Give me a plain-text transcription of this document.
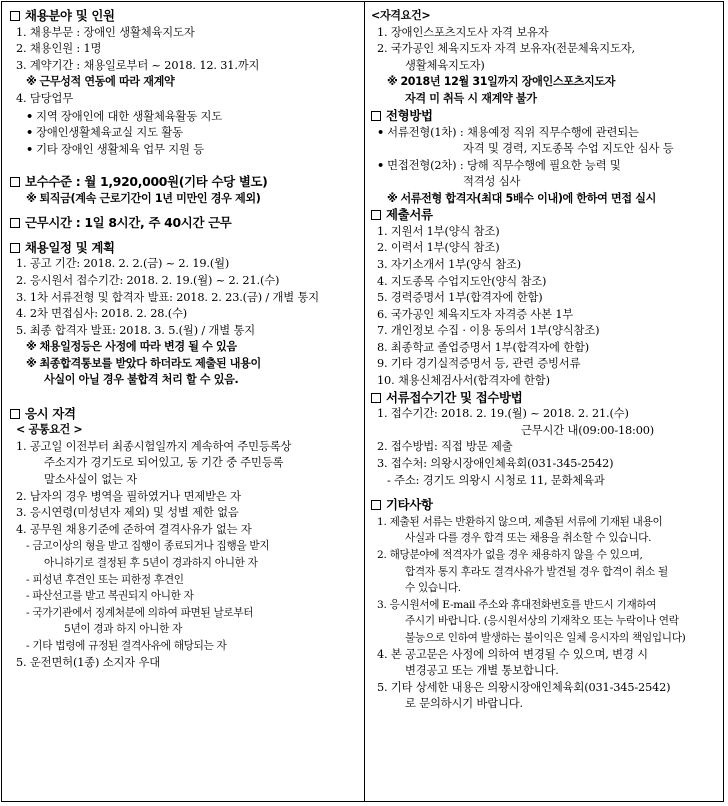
채용분야 및 인원
1. 채용부문 : 장애인 생활체육지도자
2. 채용인원 : 1명
3. 계약기간 : 채용일로부터 ~ 2018. 12. 31.까지
※ 근무성적 연동에 따라 재계약
4. 담당업무
• 지역 장애인에 대한 생활체육활동 지도
• 장애인생활체육교실 지도 활동
• 기타 장애인 생활체육 업무 지원 등
보수수준 : 월 1,920,000원(기타 수당 별도)
※ 퇴직금(계속 근로기간이 1년 미만인 경우 제외)
근무시간 : 1일 8시간, 주 40시간 근무
채용일정 및 계획
1. 공고 기간: 2018. 2. 2.(금) ~ 2. 19.(월)
2. 응시원서 접수기간: 2018. 2. 19.(월) ~ 2. 21.(수)
3. 1차 서류전형 및 합격자 발표: 2018. 2. 23.(금) / 개별 통지
4. 2차 면접심사: 2018. 2. 28.(수)
5. 최종 합격자 발표: 2018. 3. 5.(월) / 개별 통지
※ 채용일정등은 사정에 따라 변경 될 수 있음
※ 최종합격통보를 받았다 하더라도 제출된 내용이
사실이 아닐 경우 불합격 처리 할 수 있음.
응시 자격
< 공통요건 >
1. 공고일 이전부터 최종시험일까지 계속하여 주민등록상
주소지가 경기도로 되어있고, 동 기간 중 주민등록
말소사실이 없는 자
2. 남자의 경우 병역을 필하였거나 면제받은 자
3. 응시연령(미성년자 제외) 및 성별 제한 없음
4. 공무원 채용기준에 준하여 결격사유가 없는 자
- 금고이상의 형을 받고 집행이 종료되거나 집행을 받지
아니하기로 결정된 후 5년이 경과하지 아니한 자
- 피성년 후견인 또는 피한정 후견인
- 파산선고를 받고 복권되지 아니한 자
- 국가기관에서 징계처분에 의하여 파면된 날로부터
5년이 경과 하지 아니한 자
- 기타 법령에 규정된 결격사유에 해당되는 자
5. 운전면허(1종) 소지자 우대
<자격요건>
1. 장애인스포츠지도사 자격 보유자
2. 국가공인 체육지도자 자격 보유자(전문체육지도자,
생활체육지도자)
※ 2018년 12월 31일까지 장애인스포츠지도자
자격 미 취득 시 재계약 불가
전형방법
• 서류전형(1차) : 채용예정 직위 직무수행에 관련되는
자격 및 경력, 지도종목 수업 지도안 심사 등
• 면접전형(2차) : 당해 직무수행에 필요한 능력 및
적격성 심사
※ 서류전형 합격자(최대 5배수 이내)에 한하여 면접 실시
제출서류
1. 지원서 1부(양식 참조)
2. 이력서 1부(양식 참조)
3. 자기소개서 1부(양식 참조)
4. 지도종목 수업지도안(양식 참조)
5. 경력증명서 1부(합격자에 한함)
6. 국가공인 체육지도자 자격증 사본 1부
7. 개인정보 수집 · 이용 동의서 1부(양식참조)
8. 최종학교 졸업증명서 1부(합격자에 한함)
9. 기타 경기실적증명서 등, 관련 증빙서류
10. 채용신체검사서(합격자에 한함)
서류접수기간 및 접수방법
1. 접수기간: 2018. 2. 19.(월) ~ 2018. 2. 21.(수)
근무시간 내(09:00-18:00)
2. 접수방법: 직접 방문 제출
3. 접수처: 의왕시장애인체육회(031-345-2542)
- 주소: 경기도 의왕시 시청로 11, 문화체육과
기타사항
1. 제출된 서류는 반환하지 않으며, 제출된 서류에 기재된 내용이
사실과 다를 경우 합격 또는 채용을 취소할 수 있습니다.
2. 해당분야에 적격자가 없을 경우 채용하지 않을 수 있으며,
합격자 통지 후라도 결격사유가 발견될 경우 합격이 취소 될
수 있습니다.
3. 응시원서에 E-mail 주소와 휴대전화번호를 반드시 기재하여
주시기 바랍니다. (응시원서상의 기재착오 또는 누락이나 연락
불능으로 인하여 발생하는 불이익은 일체 응시자의 책임입니다)
4. 본 공고문은 사정에 의하여 변경될 수 있으며, 변경 시
변경공고 또는 개별 통보합니다.
5. 기타 상세한 내용은 의왕시장애인체육회(031-345-2542)
로 문의하시기 바랍니다.
